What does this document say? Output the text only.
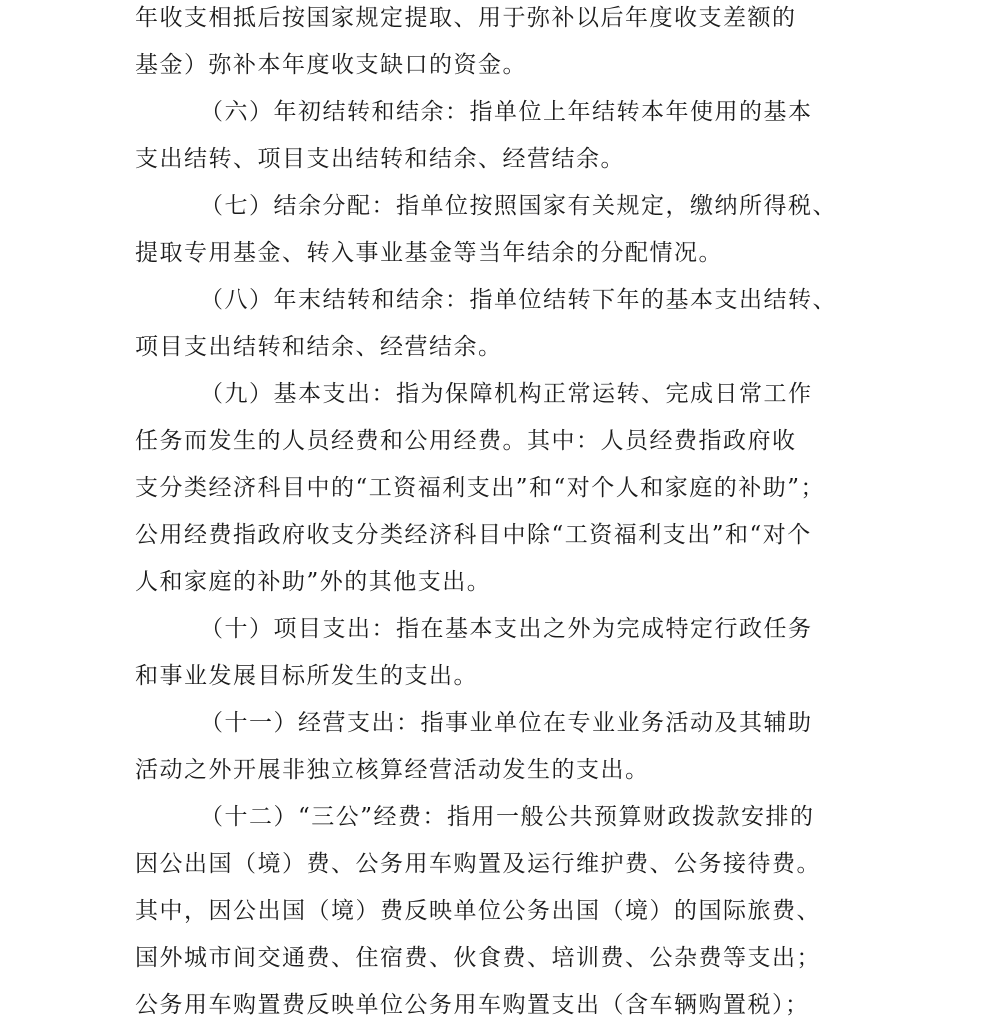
年收支相抵后按国家规定提取、用于弥补以后年度收支差额的
基金）弥补本年度收支缺口的资金。
（六）年初结转和结余：指单位上年结转本年使用的基本
支出结转、项目支出结转和结余、经营结余。
（七）结余分配：指单位按照国家有关规定，缴纳所得税、
提取专用基金、转入事业基金等当年结余的分配情况。
（八）年末结转和结余：指单位结转下年的基本支出结转、
项目支出结转和结余、经营结余。
（九）基本支出：指为保障机构正常运转、完成日常工作
任务而发生的人员经费和公用经费。其中：人员经费指政府收
支分类经济科目中的“工资福利支出”和“对个人和家庭的补助”；
公用经费指政府收支分类经济科目中除“工资福利支出”和“对个
人和家庭的补助”外的其他支出。
（十）项目支出：指在基本支出之外为完成特定行政任务
和事业发展目标所发生的支出。
（十一）经营支出：指事业单位在专业业务活动及其辅助
活动之外开展非独立核算经营活动发生的支出。
（十二）“三公”经费：指用一般公共预算财政拨款安排的
因公出国（境）费、公务用车购置及运行维护费、公务接待费。
其中，因公出国（境）费反映单位公务出国（境）的国际旅费、
国外城市间交通费、住宿费、伙食费、培训费、公杂费等支出；
公务用车购置费反映单位公务用车购置支出（含车辆购置税）；
